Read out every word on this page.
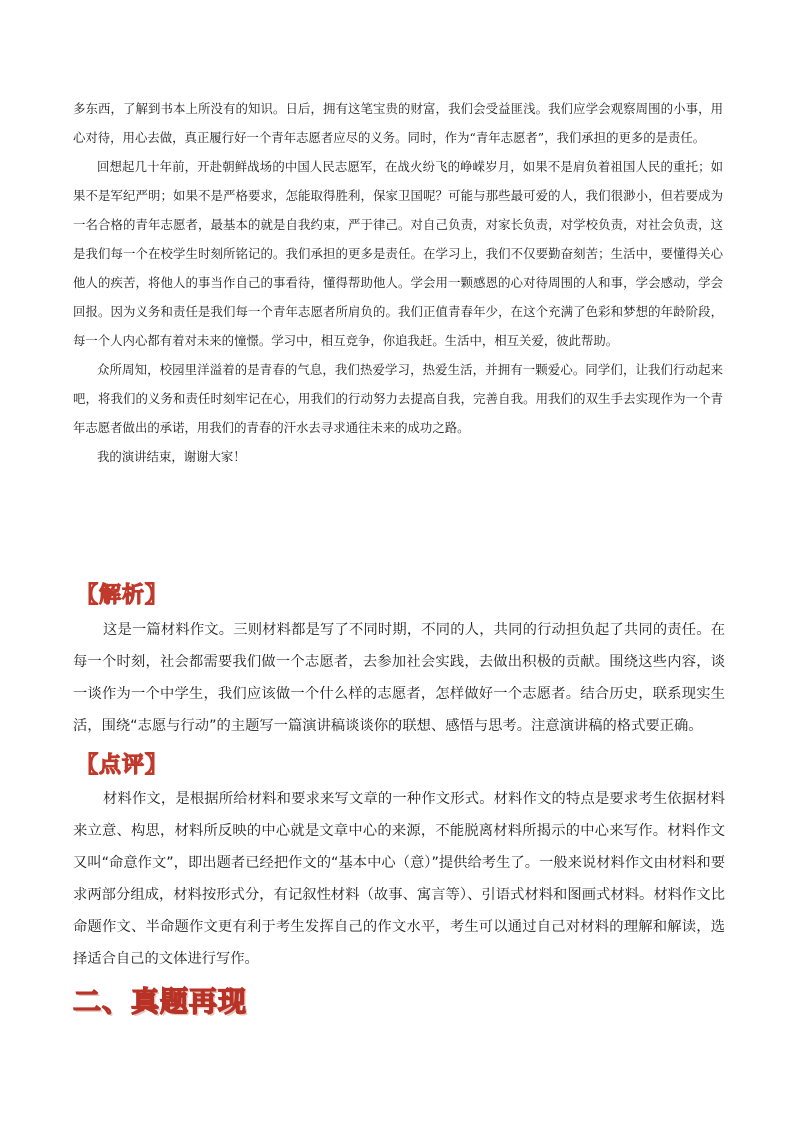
多东西，了解到书本上所没有的知识。日后，拥有这笔宝贵的财富，我们会受益匪浅。我们应学会观察周围的小事，用心对待，用心去做，真正履行好一个青年志愿者应尽的义务。同时，作为“青年志愿者”，我们承担的更多的是责任。

回想起几十年前，开赴朝鲜战场的中国人民志愿军，在战火纷飞的峥嵘岁月，如果不是肩负着祖国人民的重托；如果不是军纪严明；如果不是严格要求，怎能取得胜利，保家卫国呢？可能与那些最可爱的人，我们很渺小，但若要成为一名合格的青年志愿者，最基本的就是自我约束，严于律己。对自己负责，对家长负责，对学校负责，对社会负责，这是我们每一个在校学生时刻所铭记的。我们承担的更多是责任。在学习上，我们不仅要勤奋刻苦；生活中，要懂得关心他人的疾苦，将他人的事当作自己的事看待，懂得帮助他人。学会用一颗感恩的心对待周围的人和事，学会感动，学会回报。因为义务和责任是我们每一个青年志愿者所肩负的。我们正值青春年少，在这个充满了色彩和梦想的年龄阶段，每一个人内心都有着对未来的憧憬。学习中，相互竞争，你追我赶。生活中，相互关爱，彼此帮助。

众所周知，校园里洋溢着的是青春的气息，我们热爱学习，热爱生活，并拥有一颗爱心。同学们，让我们行动起来吧，将我们的义务和责任时刻牢记在心，用我们的行动努力去提高自我，完善自我。用我们的双生手去实现作为一个青年志愿者做出的承诺，用我们的青春的汗水去寻求通往未来的成功之路。

我的演讲结束，谢谢大家！

〖解析〗

这是一篇材料作文。三则材料都是写了不同时期，不同的人，共同的行动担负起了共同的责任。在每一个时刻，社会都需要我们做一个志愿者，去参加社会实践，去做出积极的贡献。围绕这些内容，谈一谈作为一个中学生，我们应该做一个什么样的志愿者，怎样做好一个志愿者。结合历史，联系现实生活，围绕“志愿与行动”的主题写一篇演讲稿谈谈你的联想、感悟与思考。注意演讲稿的格式要正确。

〖点评〗

材料作文，是根据所给材料和要求来写文章的一种作文形式。材料作文的特点是要求考生依据材料来立意、构思，材料所反映的中心就是文章中心的来源，不能脱离材料所揭示的中心来写作。材料作文又叫“命意作文”，即出题者已经把作文的“基本中心（意）”提供给考生了。一般来说材料作文由材料和要求两部分组成，材料按形式分，有记叙性材料（故事、寓言等）、引语式材料和图画式材料。材料作文比命题作文、半命题作文更有利于考生发挥自己的作文水平，考生可以通过自己对材料的理解和解读，选择适合自己的文体进行写作。

二、真题再现
